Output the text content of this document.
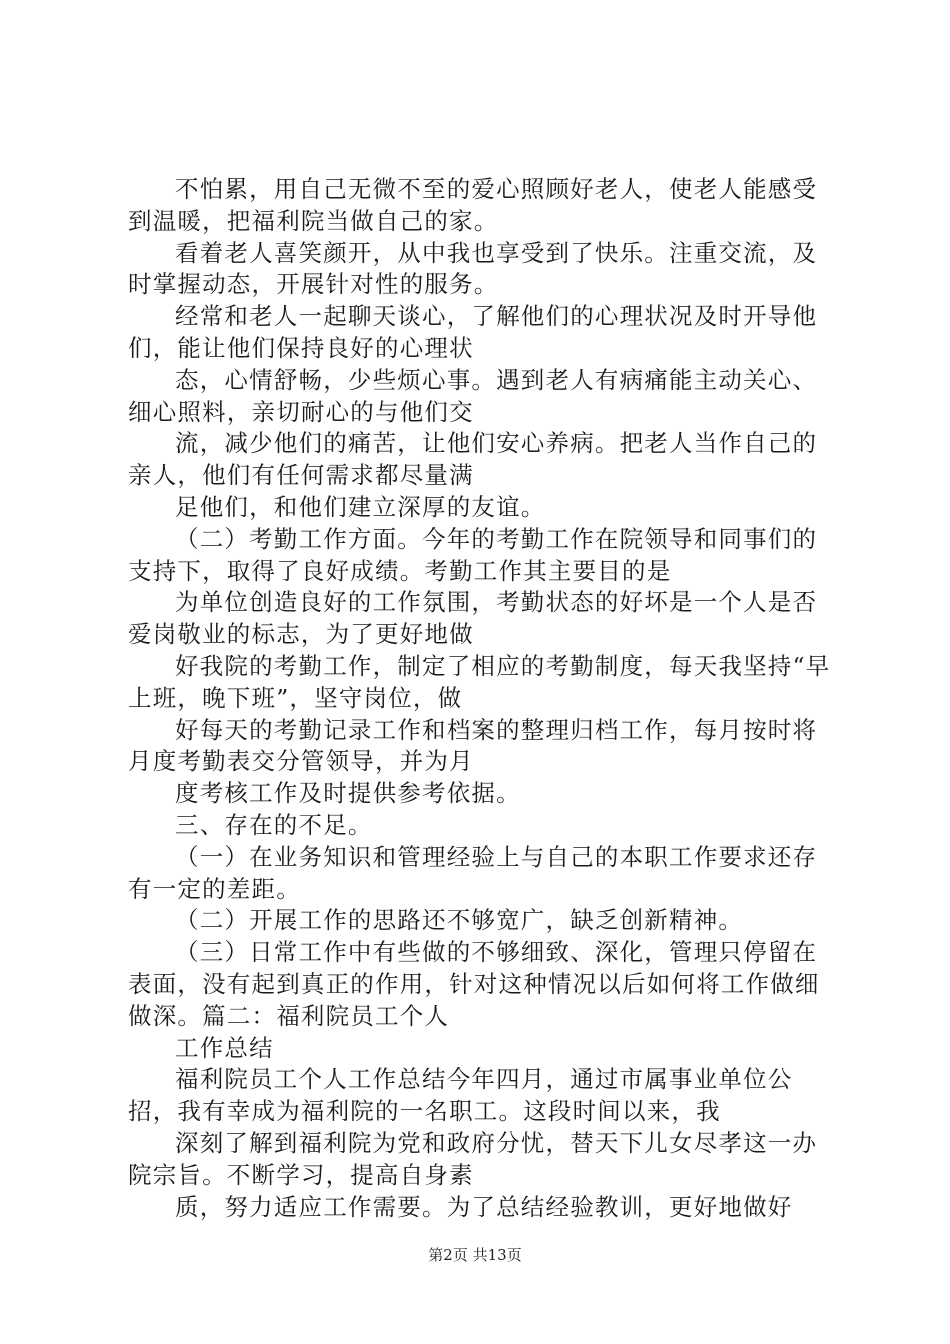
不怕累，用自己无微不至的爱心照顾好老人，使老人能感受到温暖，把福利院当做自己的家。

看着老人喜笑颜开，从中我也享受到了快乐。注重交流，及时掌握动态，开展针对性的服务。

经常和老人一起聊天谈心，了解他们的心理状况及时开导他们，能让他们保持良好的心理状

态，心情舒畅，少些烦心事。遇到老人有病痛能主动关心、细心照料，亲切耐心的与他们交

流，减少他们的痛苦，让他们安心养病。把老人当作自己的亲人，他们有任何需求都尽量满

足他们，和他们建立深厚的友谊。

（二）考勤工作方面。今年的考勤工作在院领导和同事们的支持下，取得了良好成绩。考勤工作其主要目的是

为单位创造良好的工作氛围，考勤状态的好坏是一个人是否爱岗敬业的标志，为了更好地做

好我院的考勤工作，制定了相应的考勤制度，每天我坚持“早上班，晚下班”，坚守岗位，做

好每天的考勤记录工作和档案的整理归档工作，每月按时将月度考勤表交分管领导，并为月

度考核工作及时提供参考依据。

三、存在的不足。

（一）在业务知识和管理经验上与自己的本职工作要求还存有一定的差距。

（二）开展工作的思路还不够宽广，缺乏创新精神。

（三）日常工作中有些做的不够细致、深化，管理只停留在表面，没有起到真正的作用，针对这种情况以后如何将工作做细做深。篇二：福利院员工个人

工作总结

福利院员工个人工作总结今年四月，通过市属事业单位公招，我有幸成为福利院的一名职工。这段时间以来，我

深刻了解到福利院为党和政府分忧，替天下儿女尽孝这一办院宗旨。不断学习，提高自身素

质，努力适应工作需要。为了总结经验教训，更好地做好

第2页 共13页
